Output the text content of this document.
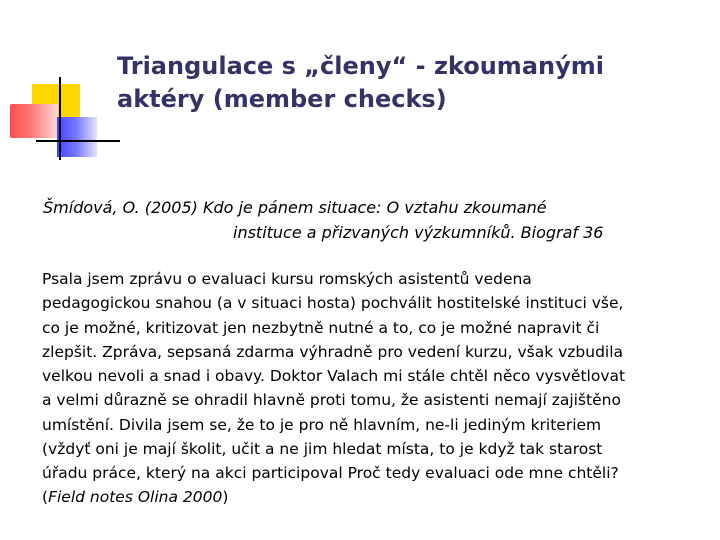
Triangulace s „členy“ - zkoumanými
aktéry (member checks)

Šmídová, O. (2005) Kdo je pánem situace: O vztahu zkoumané
instituce a přizvaných výzkumníků. Biograf 36

Psala jsem zprávu o evaluaci kursu romských asistentů vedena
pedagogickou snahou (a v situaci hosta) pochválit hostitelské instituci vše,
co je možné, kritizovat jen nezbytně nutné a to, co je možné napravit či
zlepšit. Zpráva, sepsaná zdarma výhradně pro vedení kurzu, však vzbudila
velkou nevoli a snad i obavy. Doktor Valach mi stále chtěl něco vysvětlovat
a velmi důrazně se ohradil hlavně proti tomu, že asistenti nemají zajištěno
umístění. Divila jsem se, že to je pro ně hlavním, ne-li jediným kriteriem
(vždyť oni je mají školit, učit a ne jim hledat místa, to je když tak starost
úřadu práce, který na akci participoval Proč tedy evaluaci ode mne chtěli?
(Field notes Olina 2000)
